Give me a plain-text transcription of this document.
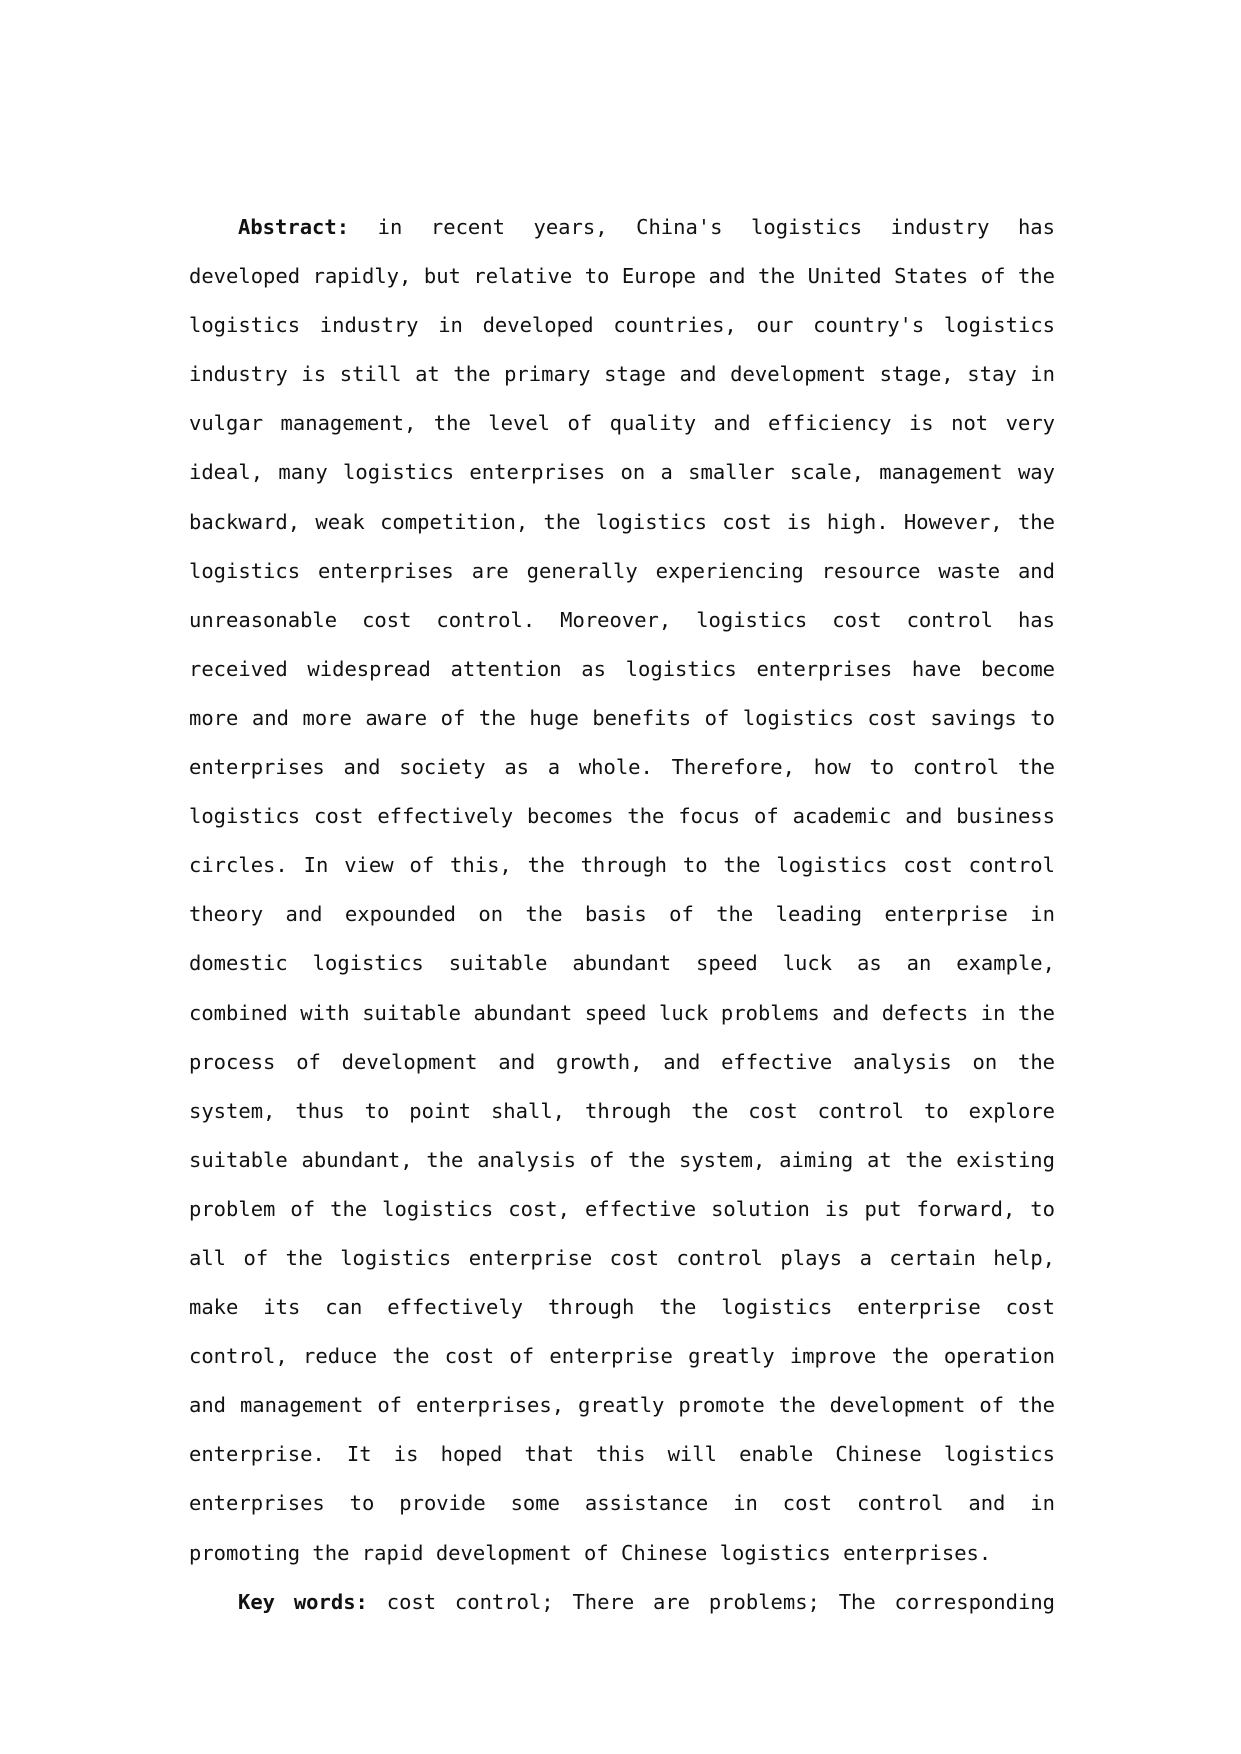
Abstract: in recent years, China's logistics industry has developed rapidly, but relative to Europe and the United States of the logistics industry in developed countries, our country's logistics industry is still at the primary stage and development stage, stay in vulgar management, the level of quality and efficiency is not very ideal, many logistics enterprises on a smaller scale, management way backward, weak competition, the logistics cost is high. However, the logistics enterprises are generally experiencing resource waste and unreasonable cost control. Moreover, logistics cost control has received widespread attention as logistics enterprises have become more and more aware of the huge benefits of logistics cost savings to enterprises and society as a whole. Therefore, how to control the logistics cost effectively becomes the focus of academic and business circles. In view of this, the through to the logistics cost control theory and expounded on the basis of the leading enterprise in domestic logistics suitable abundant speed luck as an example, combined with suitable abundant speed luck problems and defects in the process of development and growth, and effective analysis on the system, thus to point shall, through the cost control to explore suitable abundant, the analysis of the system, aiming at the existing problem of the logistics cost, effective solution is put forward, to all of the logistics enterprise cost control plays a certain help, make its can effectively through the logistics enterprise cost control, reduce the cost of enterprise greatly improve the operation and management of enterprises, greatly promote the development of the enterprise. It is hoped that this will enable Chinese logistics enterprises to provide some assistance in cost control and in promoting the rapid development of Chinese logistics enterprises.

Key words: cost control; There are problems; The corresponding
